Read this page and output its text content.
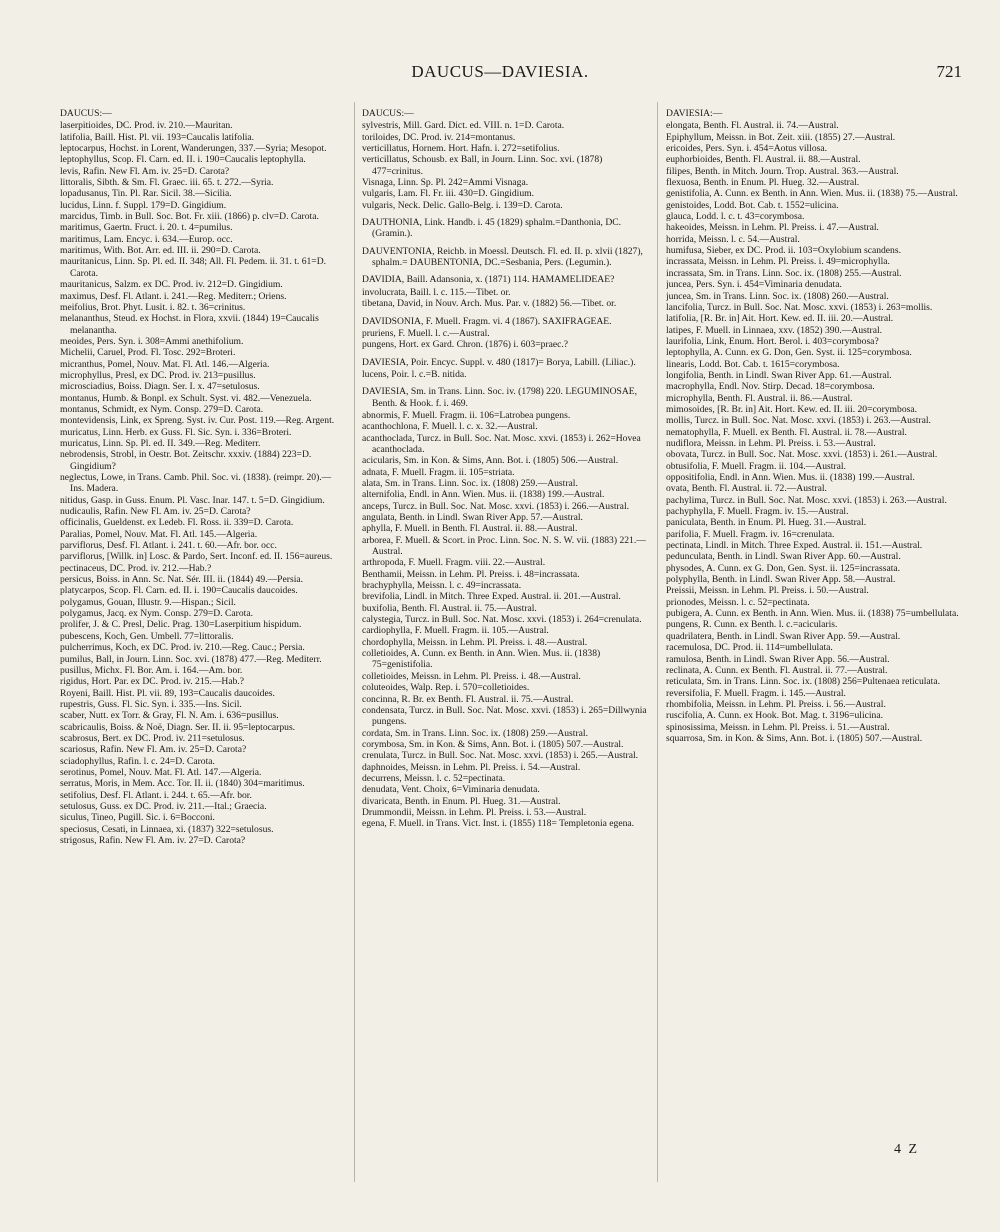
DAUCUS—DAVIESIA.	721

DAUCUS:—

laserpitioides, DC. Prod. iv. 210.—Mauritan.

latifolia, Baill. Hist. Pl. vii. 193=Caucalis latifolia.

leptocarpus, Hochst. in Lorent, Wanderungen, 337.—Syria; Mesopot.

leptophyllus, Scop. Fl. Carn. ed. II. i. 190=Caucalis leptophylla.

levis, Rafin. New Fl. Am. iv. 25=D. Carota?

littoralis, Sibth. & Sm. Fl. Graec. iii. 65. t. 272.—Syria.

lopadusanus, Tin. Pl. Rar. Sicil. 38.—Sicilia.

lucidus, Linn. f. Suppl. 179=D. Gingidium.

marcidus, Timb. in Bull. Soc. Bot. Fr. xiii. (1866) p. clv=D. Carota.

maritimus, Gaertn. Fruct. i. 20. t. 4=pumilus.

maritimus, Lam. Encyc. i. 634.—Europ. occ.

maritimus, With. Bot. Arr. ed. III. ii. 290=D. Carota.

mauritanicus, Linn. Sp. Pl. ed. II. 348; All. Fl. Pedem. ii. 31. t. 61=D. Carota.

mauritanicus, Salzm. ex DC. Prod. iv. 212=D. Gingidium.

maximus, Desf. Fl. Atlant. i. 241.—Reg. Mediterr.; Oriens.

meifolius, Brot. Phyt. Lusit. i. 82. t. 36=crinitus.

melananthus, Steud. ex Hochst. in Flora, xxvii. (1844) 19=Caucalis melanantha.

meoides, Pers. Syn. i. 308=Ammi anethifolium.

Michelii, Caruel, Prod. Fl. Tosc. 292=Broteri.

micranthus, Pomel, Nouv. Mat. Fl. Atl. 146.—Algeria.

microphyllus, Presl, ex DC. Prod. iv. 213=pusillus.

microsciadius, Boiss. Diagn. Ser. I. x. 47=setulosus.

montanus, Humb. & Bonpl. ex Schult. Syst. vi. 482.—Venezuela.

montanus, Schmidt, ex Nym. Consp. 279=D. Carota.

montevidensis, Link, ex Spreng. Syst. iv. Cur. Post. 119.—Reg. Argent.

muricatus, Linn. Herb. ex Guss. Fl. Sic. Syn. i. 336=Broteri.

muricatus, Linn. Sp. Pl. ed. II. 349.—Reg. Mediterr.

nebrodensis, Strobl, in Oestr. Bot. Zeitschr. xxxiv. (1884) 223=D. Gingidium?

neglectus, Lowe, in Trans. Camb. Phil. Soc. vi. (1838). (reimpr. 20).—Ins. Madera.

nitidus, Gasp. in Guss. Enum. Pl. Vasc. Inar. 147. t. 5=D. Gingidium.

nudicaulis, Rafin. New Fl. Am. iv. 25=D. Carota?

officinalis, Gueldenst. ex Ledeb. Fl. Ross. ii. 339=D. Carota.

Paralias, Pomel, Nouv. Mat. Fl. Atl. 145.—Algeria.

parviflorus, Desf. Fl. Atlant. i. 241. t. 60.—Afr. bor. occ.

parviflorus, [Willk. in] Losc. & Pardo, Sert. Inconf. ed. II. 156=aureus.

pectinaceus, DC. Prod. iv. 212.—Hab.?

persicus, Boiss. in Ann. Sc. Nat. Sér. III. ii. (1844) 49.—Persia.

platycarpos, Scop. Fl. Carn. ed. II. i. 190=Caucalis daucoides.

polygamus, Gouan, Illustr. 9.—Hispan.; Sicil.

polygamus, Jacq. ex Nym. Consp. 279=D. Carota.

prolifer, J. & C. Presl, Delic. Prag. 130=Laserpitium hispidum.

pubescens, Koch, Gen. Umbell. 77=littoralis.

pulcherrimus, Koch, ex DC. Prod. iv. 210.—Reg. Cauc.; Persia.

pumilus, Ball, in Journ. Linn. Soc. xvi. (1878) 477.—Reg. Mediterr.

pusillus, Michx. Fl. Bor. Am. i. 164.—Am. bor.

rigidus, Hort. Par. ex DC. Prod. iv. 215.—Hab.?

Royeni, Baill. Hist. Pl. vii. 89, 193=Caucalis daucoides.

rupestris, Guss. Fl. Sic. Syn. i. 335.—Ins. Sicil.

scaber, Nutt. ex Torr. & Gray, Fl. N. Am. i. 636=pusillus.

scabricaulis, Boiss. & Noë, Diagn. Ser. II. ii. 95=leptocarpus.

scabrosus, Bert. ex DC. Prod. iv. 211=setulosus.

scariosus, Rafin. New Fl. Am. iv. 25=D. Carota?

sciadophyllus, Rafin. l. c. 24=D. Carota.

serotinus, Pomel, Nouv. Mat. Fl. Atl. 147.—Algeria.

serratus, Moris, in Mem. Acc. Tor. II. ii. (1840) 304=maritimus.

setifolius, Desf. Fl. Atlant. i. 244. t. 65.—Afr. bor.

setulosus, Guss. ex DC. Prod. iv. 211.—Ital.; Graecia.

siculus, Tineo, Pugill. Sic. i. 6=Bocconi.

speciosus, Cesati, in Linnaea, xi. (1837) 322=setulosus.

strigosus, Rafin. New Fl. Am. iv. 27=D. Carota?

DAUCUS:—

sylvestris, Mill. Gard. Dict. ed. VIII. n. 1=D. Carota.

toriloides, DC. Prod. iv. 214=montanus.

verticillatus, Hornem. Hort. Hafn. i. 272=setifolius.

verticillatus, Schousb. ex Ball, in Journ. Linn. Soc. xvi. (1878) 477=crinitus.

Visnaga, Linn. Sp. Pl. 242=Ammi Visnaga.

vulgaris, Lam. Fl. Fr. iii. 430=D. Gingidium.

vulgaris, Neck. Delic. Gallo-Belg. i. 139=D. Carota.

DAUTHONIA, Link. Handb. i. 45 (1829) sphalm.=Danthonia, DC. (Gramin.).

DAUVENTONIA, Reichb. in Moessl. Deutsch. Fl. ed. II. p. xlvii (1827), sphalm.= DAUBENTONIA, DC.=Sesbania, Pers. (Legumin.).

DAVIDIA, Baill. Adansonia, x. (1871) 114. HAMAMELIDEAE?

involucrata, Baill. l. c. 115.—Tibet. or.

tibetana, David, in Nouv. Arch. Mus. Par. v. (1882) 56.—Tibet. or.

DAVIDSONIA, F. Muell. Fragm. vi. 4 (1867). SAXIFRAGEAE.

pruriens, F. Muell. l. c.—Austral.

pungens, Hort. ex Gard. Chron. (1876) i. 603=praec.?

DAVIESIA, Poir. Encyc. Suppl. v. 480 (1817)= Borya, Labill. (Liliac.).

lucens, Poir. l. c.=B. nitida.

DAVIESIA, Sm. in Trans. Linn. Soc. iv. (1798) 220. LEGUMINOSAE, Benth. & Hook. f. i. 469.

abnormis, F. Muell. Fragm. ii. 106=Latrobea pungens.

acanthochlona, F. Muell. l. c. x. 32.—Austral.

acanthoclada, Turcz. in Bull. Soc. Nat. Mosc. xxvi. (1853) i. 262=Hovea acanthoclada.

acicularis, Sm. in Kon. & Sims, Ann. Bot. i. (1805) 506.—Austral.

adnata, F. Muell. Fragm. ii. 105=striata.

alata, Sm. in Trans. Linn. Soc. ix. (1808) 259.—Austral.

alternifolia, Endl. in Ann. Wien. Mus. ii. (1838) 199.—Austral.

anceps, Turcz. in Bull. Soc. Nat. Mosc. xxvi. (1853) i. 266.—Austral.

angulata, Benth. in Lindl. Swan River App. 57.—Austral.

aphylla, F. Muell. in Benth. Fl. Austral. ii. 88.—Austral.

arborea, F. Muell. & Scort. in Proc. Linn. Soc. N. S. W. vii. (1883) 221.—Austral.

arthropoda, F. Muell. Fragm. viii. 22.—Austral.

Benthamii, Meissn. in Lehm. Pl. Preiss. i. 48=incrassata.

brachyphylla, Meissn. l. c. 49=incrassata.

brevifolia, Lindl. in Mitch. Three Exped. Austral. ii. 201.—Austral.

buxifolia, Benth. Fl. Austral. ii. 75.—Austral.

calystegia, Turcz. in Bull. Soc. Nat. Mosc. xxvi. (1853) i. 264=crenulata.

cardiophylla, F. Muell. Fragm. ii. 105.—Austral.

chordophylla, Meissn. in Lehm. Pl. Preiss. i. 48.—Austral.

colletioides, A. Cunn. ex Benth. in Ann. Wien. Mus. ii. (1838) 75=genistifolia.

colletioides, Meissn. in Lehm. Pl. Preiss. i. 48.—Austral.

coluteoides, Walp. Rep. i. 570=colletioides.

concinna, R. Br. ex Benth. Fl. Austral. ii. 75.—Austral.

condensata, Turcz. in Bull. Soc. Nat. Mosc. xxvi. (1853) i. 265=Dillwynia pungens.

cordata, Sm. in Trans. Linn. Soc. ix. (1808) 259.—Austral.

corymbosa, Sm. in Kon. & Sims, Ann. Bot. i. (1805) 507.—Austral.

crenulata, Turcz. in Bull. Soc. Nat. Mosc. xxvi. (1853) i. 265.—Austral.

daphnoides, Meissn. in Lehm. Pl. Preiss. i. 54.—Austral.

decurrens, Meissn. l. c. 52=pectinata.

denudata, Vent. Choix, 6=Viminaria denudata.

divaricata, Benth. in Enum. Pl. Hueg. 31.—Austral.

Drummondii, Meissn. in Lehm. Pl. Preiss. i. 53.—Austral.

egena, F. Muell. in Trans. Vict. Inst. i. (1855) 118= Templetonia egena.

DAVIESIA:—

elongata, Benth. Fl. Austral. ii. 74.—Austral.

Epiphyllum, Meissn. in Bot. Zeit. xiii. (1855) 27.—Austral.

ericoides, Pers. Syn. i. 454=Aotus villosa.

euphorbioides, Benth. Fl. Austral. ii. 88.—Austral.

filipes, Benth. in Mitch. Journ. Trop. Austral. 363.—Austral.

flexuosa, Benth. in Enum. Pl. Hueg. 32.—Austral.

genistifolia, A. Cunn. ex Benth. in Ann. Wien. Mus. ii. (1838) 75.—Austral.

genistoides, Lodd. Bot. Cab. t. 1552=ulicina.

glauca, Lodd. l. c. t. 43=corymbosa.

hakeoides, Meissn. in Lehm. Pl. Preiss. i. 47.—Austral.

horrida, Meissn. l. c. 54.—Austral.

humifusa, Sieber, ex DC. Prod. ii. 103=Oxylobium scandens.

incrassata, Meissn. in Lehm. Pl. Preiss. i. 49=microphylla.

incrassata, Sm. in Trans. Linn. Soc. ix. (1808) 255.—Austral.

juncea, Pers. Syn. i. 454=Viminaria denudata.

juncea, Sm. in Trans. Linn. Soc. ix. (1808) 260.—Austral.

lancifolia, Turcz. in Bull. Soc. Nat. Mosc. xxvi. (1853) i. 263=mollis.

latifolia, [R. Br. in] Ait. Hort. Kew. ed. II. iii. 20.—Austral.

latipes, F. Muell. in Linnaea, xxv. (1852) 390.—Austral.

laurifolia, Link, Enum. Hort. Berol. i. 403=corymbosa?

leptophylla, A. Cunn. ex G. Don, Gen. Syst. ii. 125=corymbosa.

linearis, Lodd. Bot. Cab. t. 1615=corymbosa.

longifolia, Benth. in Lindl. Swan River App. 61.—Austral.

macrophylla, Endl. Nov. Stirp. Decad. 18=corymbosa.

microphylla, Benth. Fl. Austral. ii. 86.—Austral.

mimosoides, [R. Br. in] Ait. Hort. Kew. ed. II. iii. 20=corymbosa.

mollis, Turcz. in Bull. Soc. Nat. Mosc. xxvi. (1853) i. 263.—Austral.

nematophylla, F. Muell. ex Benth. Fl. Austral. ii. 78.—Austral.

nudiflora, Meissn. in Lehm. Pl. Preiss. i. 53.—Austral.

obovata, Turcz. in Bull. Soc. Nat. Mosc. xxvi. (1853) i. 261.—Austral.

obtusifolia, F. Muell. Fragm. ii. 104.—Austral.

oppositifolia, Endl. in Ann. Wien. Mus. ii. (1838) 199.—Austral.

ovata, Benth. Fl. Austral. ii. 72.—Austral.

pachylima, Turcz. in Bull. Soc. Nat. Mosc. xxvi. (1853) i. 263.—Austral.

pachyphylla, F. Muell. Fragm. iv. 15.—Austral.

paniculata, Benth. in Enum. Pl. Hueg. 31.—Austral.

parifolia, F. Muell. Fragm. iv. 16=crenulata.

pectinata, Lindl. in Mitch. Three Exped. Austral. ii. 151.—Austral.

pedunculata, Benth. in Lindl. Swan River App. 60.—Austral.

physodes, A. Cunn. ex G. Don, Gen. Syst. ii. 125=incrassata.

polyphylla, Benth. in Lindl. Swan River App. 58.—Austral.

Preissii, Meissn. in Lehm. Pl. Preiss. i. 50.—Austral.

prionodes, Meissn. l. c. 52=pectinata.

pubigera, A. Cunn. ex Benth. in Ann. Wien. Mus. ii. (1838) 75=umbellulata.

pungens, R. Cunn. ex Benth. l. c.=acicularis.

quadrilatera, Benth. in Lindl. Swan River App. 59.—Austral.

racemulosa, DC. Prod. ii. 114=umbellulata.

ramulosa, Benth. in Lindl. Swan River App. 56.—Austral.

reclinata, A. Cunn. ex Benth. Fl. Austral. ii. 77.—Austral.

reticulata, Sm. in Trans. Linn. Soc. ix. (1808) 256=Pultenaea reticulata.

reversifolia, F. Muell. Fragm. i. 145.—Austral.

rhombifolia, Meissn. in Lehm. Pl. Preiss. i. 56.—Austral.

ruscifolia, A. Cunn. ex Hook. Bot. Mag. t. 3196=ulicina.

spinosissima, Meissn. in Lehm. Pl. Preiss. i. 51.—Austral.

squarrosa, Sm. in Kon. & Sims, Ann. Bot. i. (1805) 507.—Austral.

4 Z
